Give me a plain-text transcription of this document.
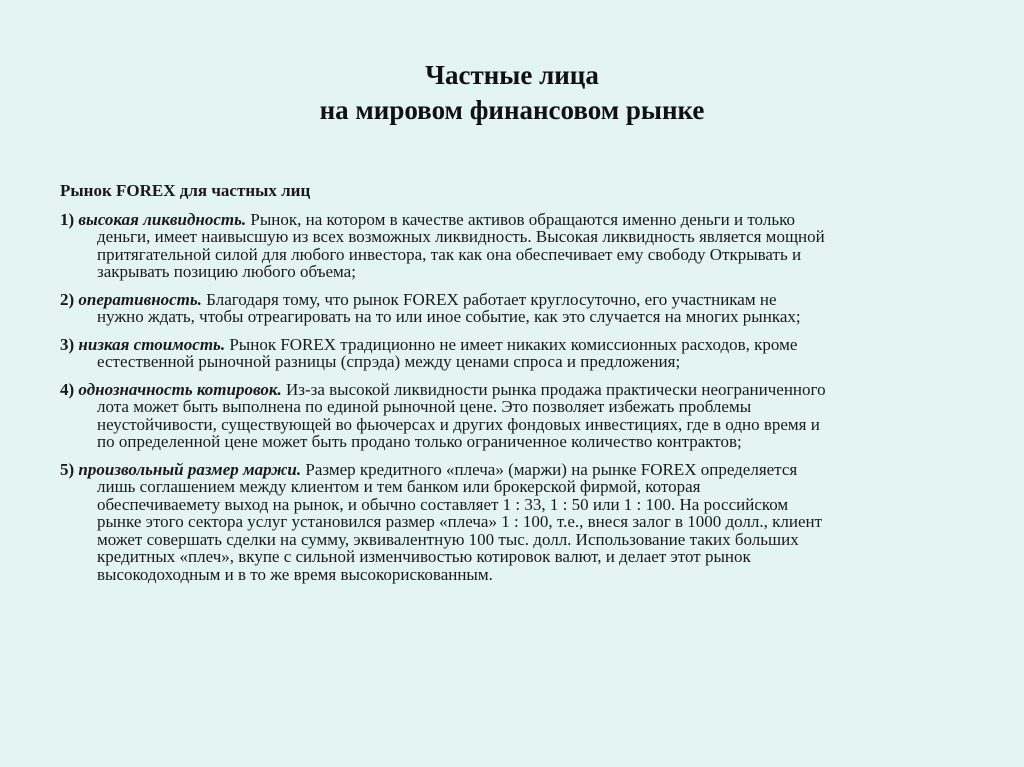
Частные лица
на мировом финансовом рынке
Рынок FOREX для частных лиц
1) высокая ликвидность. Рынок, на котором в качестве активов обращаются именно деньги и только
деньги, имеет наивысшую из всех возможных ликвидность. Высокая ликвидность является мощной
притягательной силой для любого инвестора, так как она обеспечивает ему свободу Открывать и
закрывать позицию любого объема;
2) оперативность. Благодаря тому, что рынок FOREX работает круглосуточно, его участникам не
нужно ждать, чтобы отреагировать на то или иное событие, как это случается на многих рынках;
3) низкая стоимость. Рынок FOREX традиционно не имеет никаких комиссионных расходов, кроме
естественной рыночной разницы (спрэда) между ценами спроса и предложения;
4) однозначность котировок. Из-за высокой ликвидности рынка продажа практически неограниченного
лота может быть выполнена по единой рыночной цене. Это позволяет избежать проблемы
неустойчивости, существующей во фьючерсах и других фондовых инвестициях, где в одно время и
по определенной цене может быть продано только ограниченное количество контрактов;
5) произвольный размер маржи. Размер кредитного «плеча» (маржи) на рынке FOREX определяется
лишь соглашением между клиентом и тем банком или брокерской фирмой, которая
обеспечиваемету выход на рынок, и обычно составляет 1 : 33, 1 : 50 или 1 : 100. На российском
рынке этого сектора услуг установился размер «плеча» 1 : 100, т.е., внеся залог в 1000 долл., клиент
может совершать сделки на сумму, эквивалентную 100 тыс. долл. Использование таких больших
кредитных «плеч», вкупе с сильной изменчивостью котировок валют, и делает этот рынок
высокодоходным и в то же время высокорискованным.
